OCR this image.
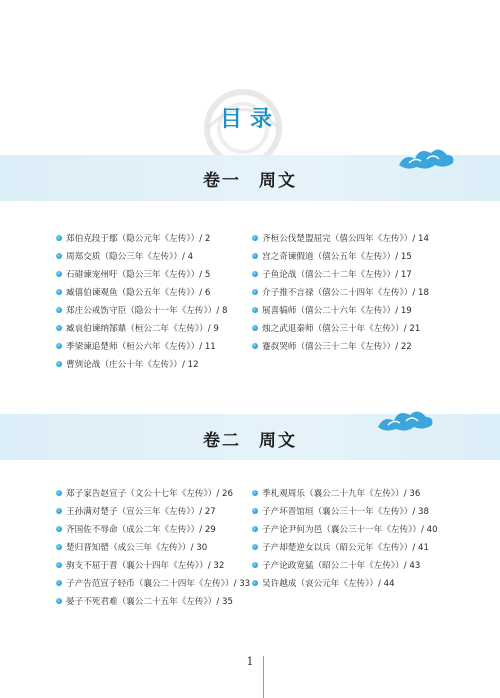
目录
卷一 周文
郑伯克段于鄢（隐公元年《左传》）/ 2
周郑交质（隐公三年《左传》）/ 4
石碏谏宠州吁（隐公三年《左传》）/ 5
臧僖伯谏观鱼（隐公五年《左传》）/ 6
郑庄公戒饬守臣（隐公十一年《左传》）/ 8
臧哀伯谏纳郜鼎（桓公二年《左传》）/ 9
季梁谏追楚师（桓公六年《左传》）/ 11
曹刿论战（庄公十年《左传》）/ 12
齐桓公伐楚盟屈完（僖公四年《左传》）/ 14
宫之奇谏假道（僖公五年《左传》）/ 15
子鱼论战（僖公二十二年《左传》）/ 17
介子推不言禄（僖公二十四年《左传》）/ 18
展喜犒师（僖公二十六年《左传》）/ 19
烛之武退秦师（僖公三十年《左传》）/ 21
蹇叔哭师（僖公三十二年《左传》）/ 22
卷二 周文
郑子家告赵宣子（文公十七年《左传》）/ 26
王孙满对楚子（宣公三年《左传》）/ 27
齐国佐不辱命（成公二年《左传》）/ 29
楚归晋知罃（成公三年《左传》）/ 30
驹支不屈于晋（襄公十四年《左传》）/ 32
子产告范宣子轻币（襄公二十四年《左传》）/ 33
晏子不死君难（襄公二十五年《左传》）/ 35
季札观周乐（襄公二十九年《左传》）/ 36
子产坏晋馆垣（襄公三十一年《左传》）/ 38
子产论尹何为邑（襄公三十一年《左传》）/ 40
子产却楚逆女以兵（昭公元年《左传》）/ 41
子产论政宽猛（昭公二十年《左传》）/ 43
吴许越成（哀公元年《左传》）/ 44
1
